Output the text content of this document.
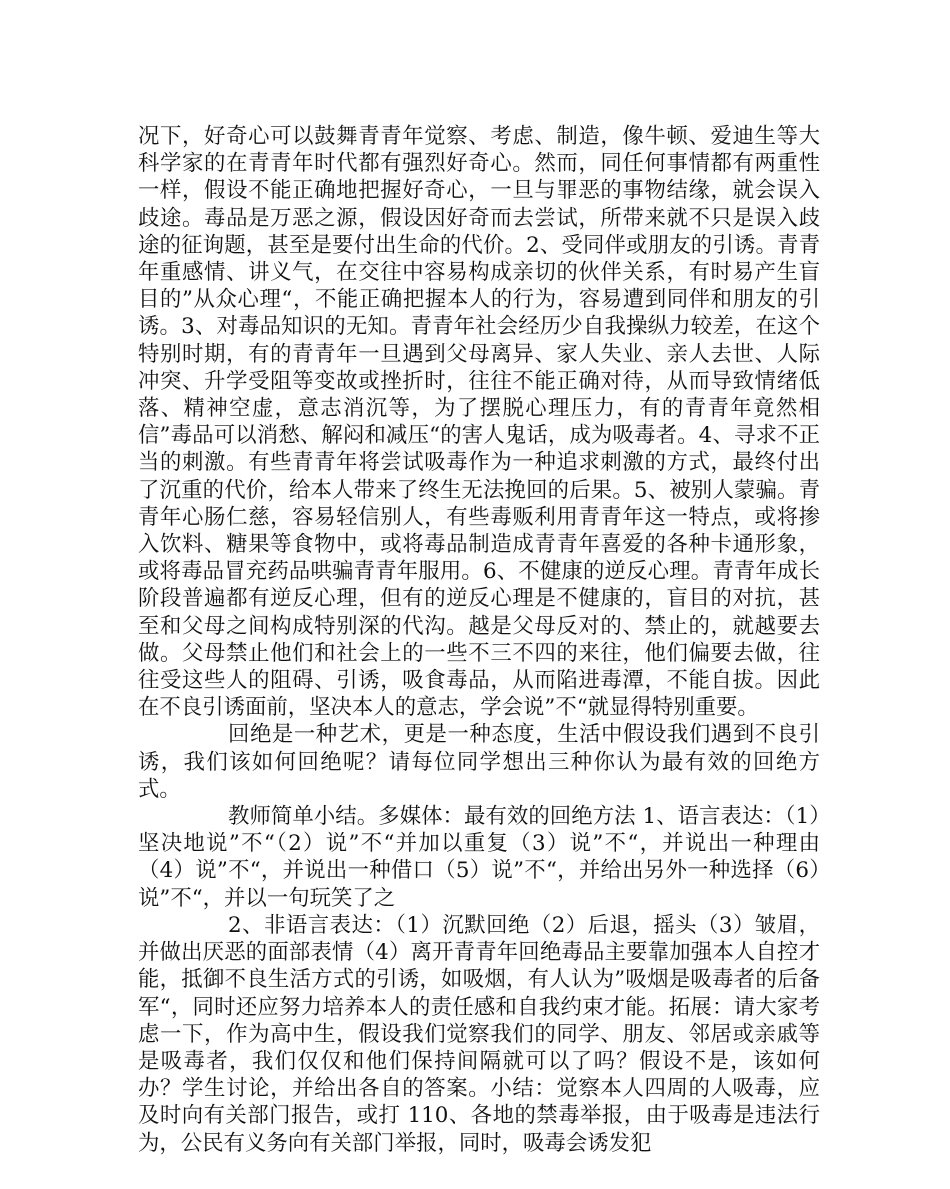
况下，好奇心可以鼓舞青青年觉察、考虑、制造，像牛顿、爱迪生等大科学家的在青青年时代都有强烈好奇心。然而，同任何事情都有两重性一样，假设不能正确地把握好奇心，一旦与罪恶的事物结缘，就会误入歧途。毒品是万恶之源，假设因好奇而去尝试，所带来就不只是误入歧途的征询题，甚至是要付出生命的代价。2、受同伴或朋友的引诱。青青年重感情、讲义气，在交往中容易构成亲切的伙伴关系，有时易产生盲目的”从众心理“，不能正确把握本人的行为，容易遭到同伴和朋友的引诱。3、对毒品知识的无知。青青年社会经历少自我操纵力较差，在这个特别时期，有的青青年一旦遇到父母离异、家人失业、亲人去世、人际冲突、升学受阻等变故或挫折时，往往不能正确对待，从而导致情绪低落、精神空虚，意志消沉等，为了摆脱心理压力，有的青青年竟然相信”毒品可以消愁、解闷和减压“的害人鬼话，成为吸毒者。4、寻求不正当的刺激。有些青青年将尝试吸毒作为一种追求刺激的方式，最终付出了沉重的代价，给本人带来了终生无法挽回的后果。5、被别人蒙骗。青青年心肠仁慈，容易轻信别人，有些毒贩利用青青年这一特点，或将掺入饮料、糖果等食物中，或将毒品制造成青青年喜爱的各种卡通形象，或将毒品冒充药品哄骗青青年服用。6、不健康的逆反心理。青青年成长阶段普遍都有逆反心理，但有的逆反心理是不健康的，盲目的对抗，甚至和父母之间构成特别深的代沟。越是父母反对的、禁止的，就越要去做。父母禁止他们和社会上的一些不三不四的来往，他们偏要去做，往往受这些人的阻碍、引诱，吸食毒品，从而陷进毒潭，不能自拔。因此在不良引诱面前，坚决本人的意志，学会说”不“就显得特别重要。

回绝是一种艺术，更是一种态度，生活中假设我们遇到不良引诱，我们该如何回绝呢？请每位同学想出三种你认为最有效的回绝方式。

教师简单小结。多媒体：最有效的回绝方法 1、语言表达：（1）坚决地说”不“（2）说”不“并加以重复（3）说”不“，并说出一种理由（4）说”不“，并说出一种借口（5）说”不“，并给出另外一种选择（6）说”不“，并以一句玩笑了之

2、非语言表达：（1）沉默回绝（2）后退，摇头（3）皱眉，并做出厌恶的面部表情（4）离开青青年回绝毒品主要靠加强本人自控才能，抵御不良生活方式的引诱，如吸烟，有人认为”吸烟是吸毒者的后备军“，同时还应努力培养本人的责任感和自我约束才能。拓展：请大家考虑一下，作为高中生，假设我们觉察我们的同学、朋友、邻居或亲戚等是吸毒者，我们仅仅和他们保持间隔就可以了吗？假设不是，该如何办？学生讨论，并给出各自的答案。小结：觉察本人四周的人吸毒，应及时向有关部门报告，或打 110、各地的禁毒举报，由于吸毒是违法行为，公民有义务向有关部门举报，同时，吸毒会诱发犯
